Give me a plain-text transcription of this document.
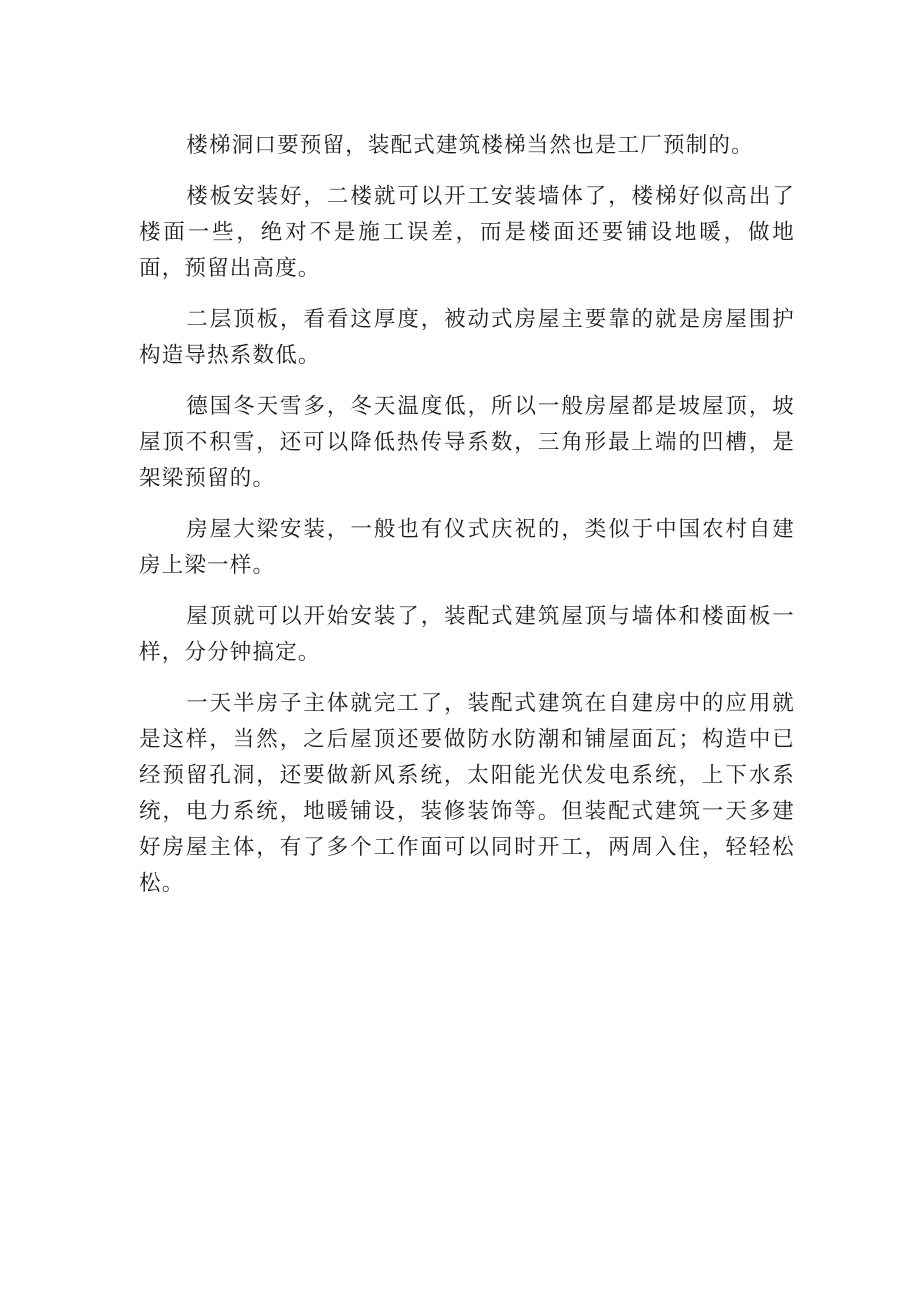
楼梯洞口要预留，装配式建筑楼梯当然也是工厂预制的。

楼板安装好，二楼就可以开工安装墙体了，楼梯好似高出了楼面一些，绝对不是施工误差，而是楼面还要铺设地暖，做地面，预留出高度。

二层顶板，看看这厚度，被动式房屋主要靠的就是房屋围护构造导热系数低。

德国冬天雪多，冬天温度低，所以一般房屋都是坡屋顶，坡屋顶不积雪，还可以降低热传导系数，三角形最上端的凹槽，是架梁预留的。

房屋大梁安装，一般也有仪式庆祝的，类似于中国农村自建房上梁一样。

屋顶就可以开始安装了，装配式建筑屋顶与墙体和楼面板一样，分分钟搞定。

一天半房子主体就完工了，装配式建筑在自建房中的应用就是这样，当然，之后屋顶还要做防水防潮和铺屋面瓦；构造中已经预留孔洞，还要做新风系统，太阳能光伏发电系统，上下水系统，电力系统，地暖铺设，装修装饰等。但装配式建筑一天多建好房屋主体，有了多个工作面可以同时开工，两周入住，轻轻松松。
